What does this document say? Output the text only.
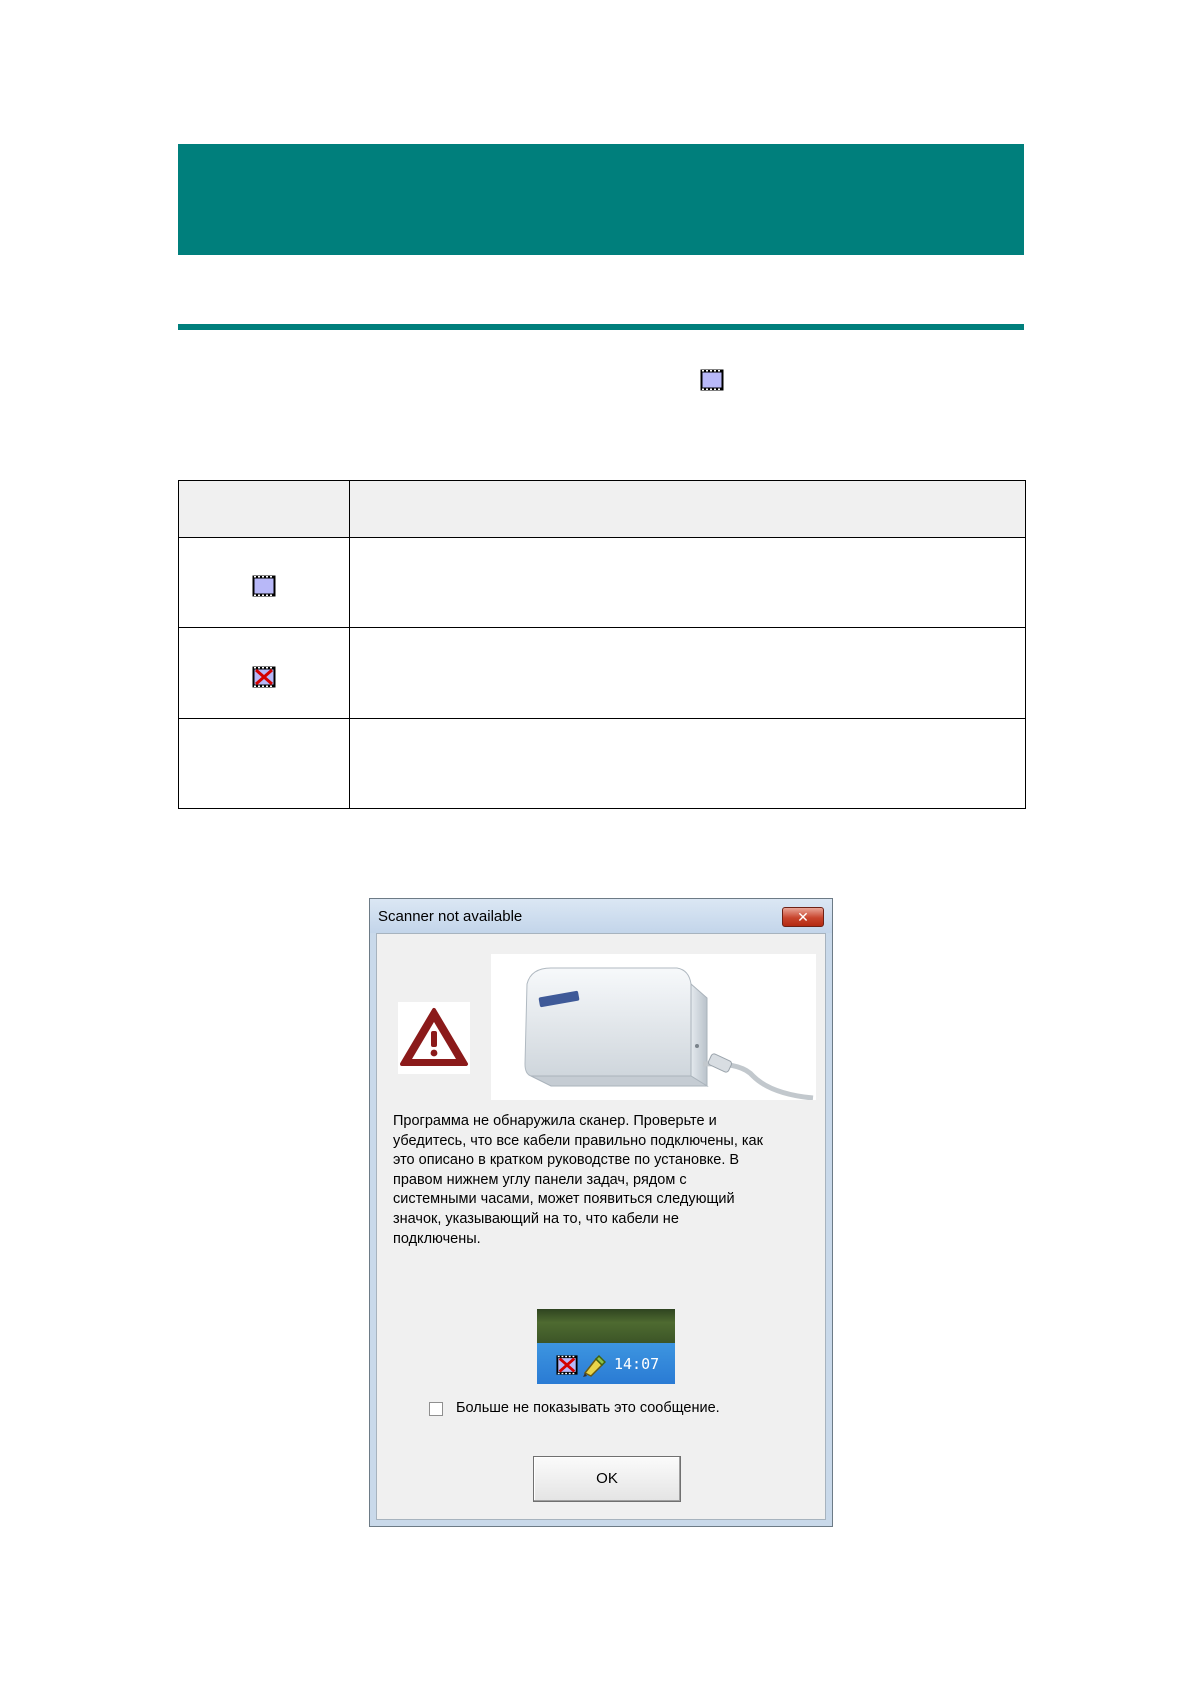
Scanner not available	✕
Программа не обнаружила сканер. Проверьте и
убедитесь, что все кабели правильно подключены, как
это описано в кратком руководстве по установке. В
правом нижнем углу панели задач, рядом с
системными часами, может появиться следующий
значок, указывающий на то, что кабели не
подключены.
14:07
Больше не показывать это сообщение.
OK
